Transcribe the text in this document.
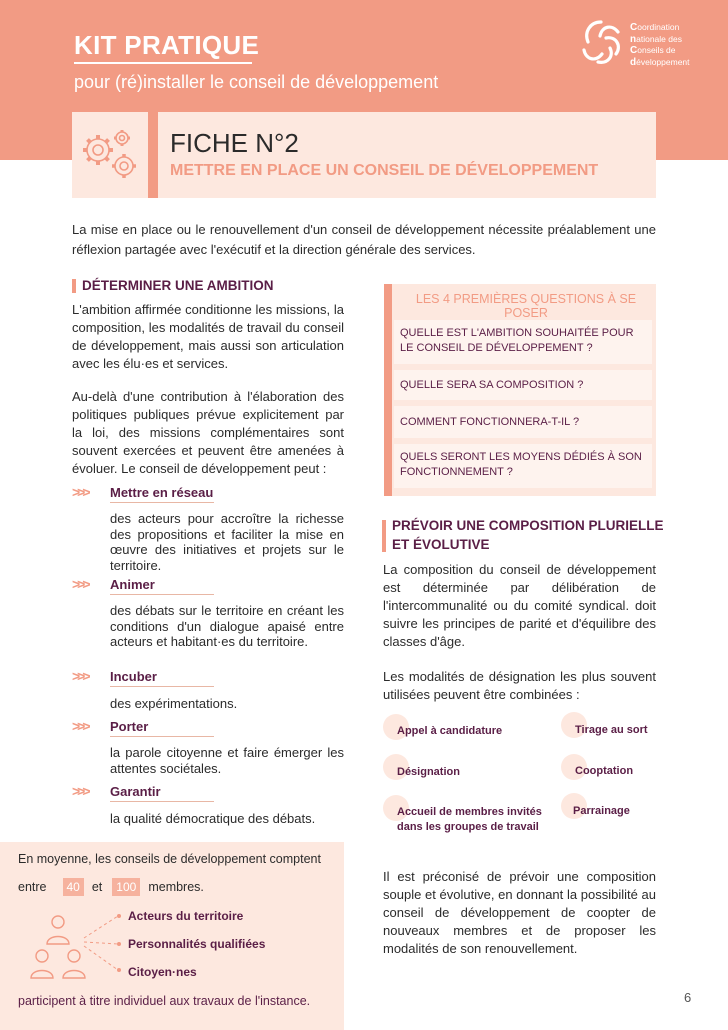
KIT PRATIQUE
pour (ré)installer le conseil de développement
Coordination
nationale des
Conseils de
développement
FICHE N°2
METTRE EN PLACE UN CONSEIL DE DÉVELOPPEMENT
La mise en place ou le renouvellement d'un conseil de développement nécessite préalablement une réflexion partagée avec l'exécutif et la direction générale des services.
DÉTERMINER UNE AMBITION
L'ambition affirmée conditionne les missions, la composition, les modalités de travail du conseil de développement, mais aussi son articulation avec les élu·es et services.
Au-delà d'une contribution à l'élaboration des politiques publiques prévue explicitement par la loi, des missions complémentaires sont souvent exercées et peuvent être amenées à évoluer. Le conseil de développement peut :
>>> Mettre en réseau
des acteurs pour accroître la richesse des propositions et faciliter la mise en œuvre des initiatives et projets sur le territoire.
>>> Animer
des débats sur le territoire en créant les conditions d'un dialogue apaisé entre acteurs et habitant·es du territoire.
>>> Incuber
des expérimentations.
>>> Porter
la parole citoyenne et faire émerger les attentes sociétales.
>>> Garantir
la qualité démocratique des débats.
LES 4 PREMIÈRES QUESTIONS À SE POSER
QUELLE EST L'AMBITION SOUHAITÉE POUR LE CONSEIL DE DÉVELOPPEMENT ?
QUELLE SERA SA COMPOSITION ?
COMMENT FONCTIONNERA-T-IL ?
QUELS SERONT LES MOYENS DÉDIÉS À SON FONCTIONNEMENT ?
PRÉVOIR UNE COMPOSITION PLURIELLE
ET ÉVOLUTIVE
La composition du conseil de développement est déterminée par délibération de l'intercommunalité ou du comité syndical. doit suivre les principes de parité et d'équilibre des classes d'âge.
Les modalités de désignation les plus souvent utilisées peuvent être combinées :
Appel à candidature	Tirage au sort
Désignation	Cooptation
Accueil de membres invités dans les groupes de travail
Parrainage
Il est préconisé de prévoir une composition souple et évolutive, en donnant la possibilité au conseil de développement de coopter de nouveaux membres et de proposer les modalités de son renouvellement.
En moyenne, les conseils de développement comptent
entre	40 et	100 membres.
Acteurs du territoire
Personnalités qualifiées
Citoyen·nes
participent à titre individuel aux travaux de l'instance.	6
